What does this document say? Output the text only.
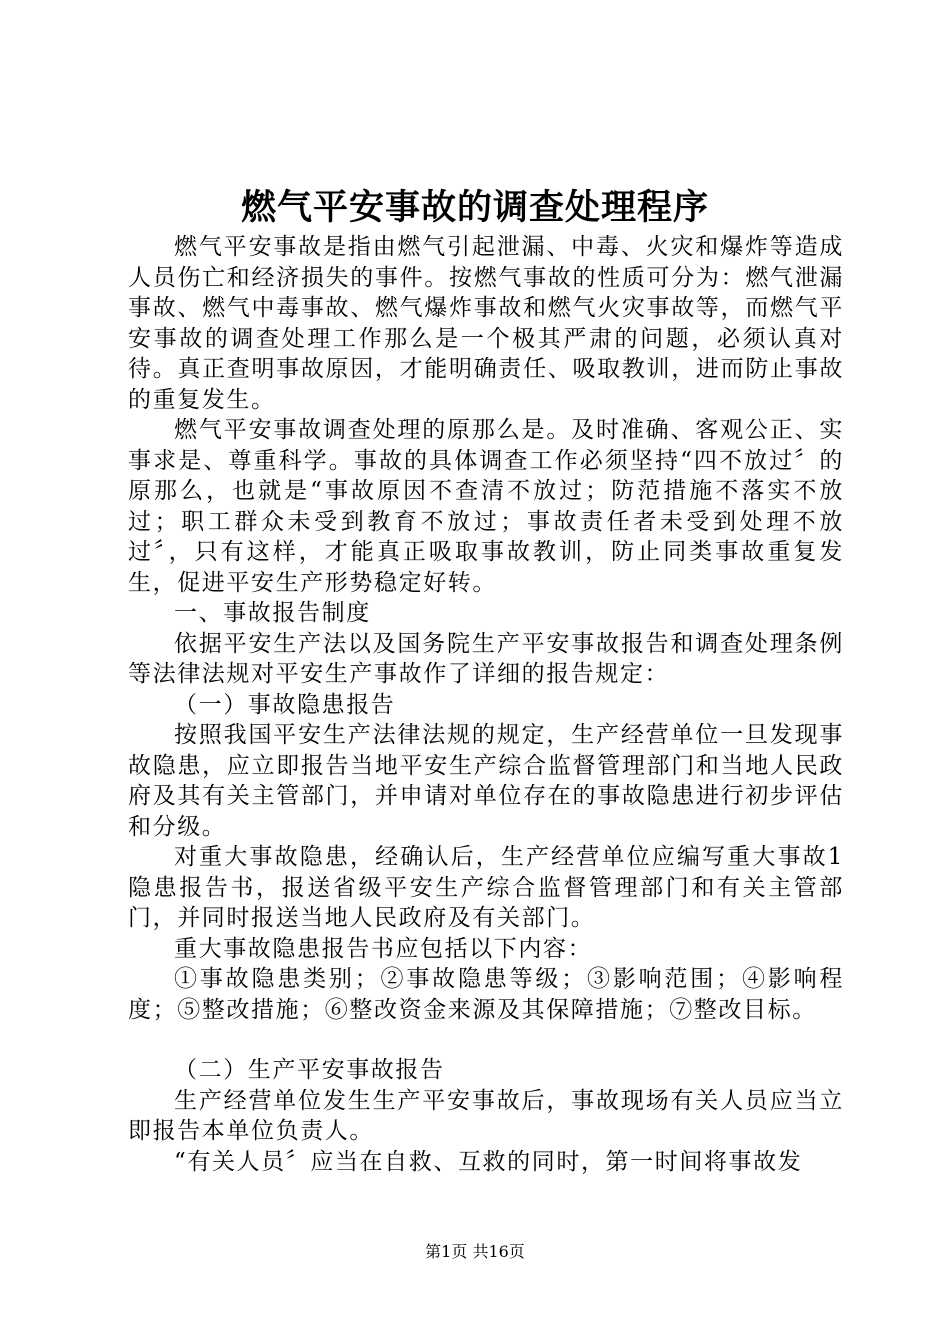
燃气平安事故的调查处理程序

燃气平安事故是指由燃气引起泄漏、中毒、火灾和爆炸等造成人员伤亡和经济损失的事件。按燃气事故的性质可分为：燃气泄漏事故、燃气中毒事故、燃气爆炸事故和燃气火灾事故等，而燃气平安事故的调查处理工作那么是一个极其严肃的问题，必须认真对待。真正查明事故原因，才能明确责任、吸取教训，进而防止事故的重复发生。

燃气平安事故调查处理的原那么是。及时准确、客观公正、实事求是、尊重科学。事故的具体调查工作必须坚持“四不放过〞的原那么，也就是“事故原因不查清不放过；防范措施不落实不放过；职工群众未受到教育不放过；事故责任者未受到处理不放过〞，只有这样，才能真正吸取事故教训，防止同类事故重复发生，促进平安生产形势稳定好转。

一、事故报告制度

依据平安生产法以及国务院生产平安事故报告和调查处理条例等法律法规对平安生产事故作了详细的报告规定：

（一）事故隐患报告

按照我国平安生产法律法规的规定，生产经营单位一旦发现事故隐患，应立即报告当地平安生产综合监督管理部门和当地人民政府及其有关主管部门，并申请对单位存在的事故隐患进行初步评估和分级。

对重大事故隐患，经确认后，生产经营单位应编写重大事故1隐患报告书，报送省级平安生产综合监督管理部门和有关主管部门，并同时报送当地人民政府及有关部门。

重大事故隐患报告书应包括以下内容：

①事故隐患类别；②事故隐患等级；③影响范围；④影响程度；⑤整改措施；⑥整改资金来源及其保障措施；⑦整改目标。

（二）生产平安事故报告

生产经营单位发生生产平安事故后，事故现场有关人员应当立即报告本单位负责人。

“有关人员〞应当在自救、互救的同时，第一时间将事故发

第1页 共16页
